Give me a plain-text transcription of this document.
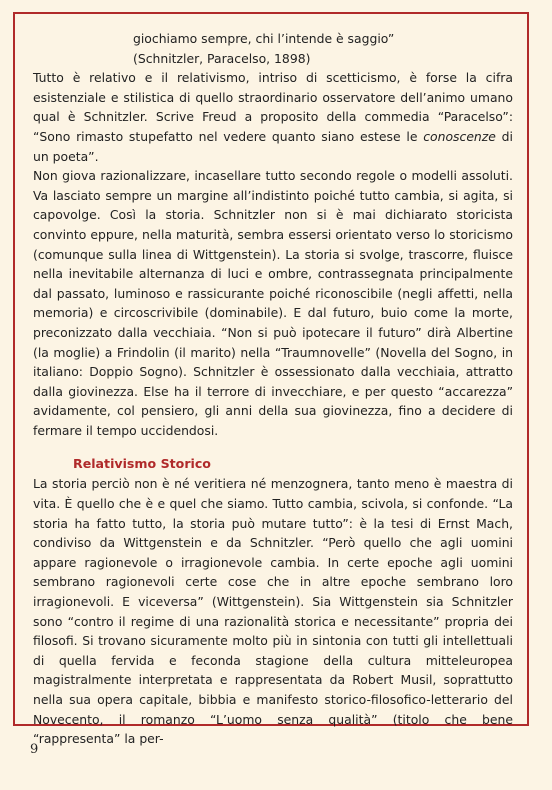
giochiamo sempre, chi l’intende è saggio”
(Schnitzler, Paracelso, 1898)

Tutto è relativo e il relativismo, intriso di scetticismo, è forse la cifra esistenziale e stilistica di quello straordinario osservatore dell’animo umano qual è Schnitzler. Scrive Freud a proposito della commedia “Paracelso”: “Sono rimasto stupefatto nel vedere quanto siano estese le conoscenze di un poeta”.

Non giova razionalizzare, incasellare tutto secondo regole o modelli assoluti. Va lasciato sempre un margine all’indistinto poiché tutto cambia, si agita, si capovolge. Così la storia. Schnitzler non si è mai dichiarato storicista convinto eppure, nella maturità, sembra essersi orientato verso lo storicismo (comunque sulla linea di Wittgenstein). La storia si svolge, trascorre, fluisce nella inevitabile alternanza di luci e ombre, contrassegnata principalmente dal passato, luminoso e rassicurante poiché riconoscibile (negli affetti, nella memoria) e circoscrivibile (dominabile). E dal futuro, buio come la morte, preconizzato dalla vecchiaia. “Non si può ipotecare il futuro” dirà Albertine (la moglie) a Frindolin (il marito) nella “Traumnovelle” (Novella del Sogno, in italiano: Doppio Sogno). Schnitzler è ossessionato dalla vecchiaia, attratto dalla giovinezza. Else ha il terrore di invecchiare, e per questo “accarezza” avidamente, col pensiero, gli anni della sua giovinezza, fino a decidere di fermare il tempo uccidendosi.

Relativismo Storico

La storia perciò non è né veritiera né menzognera, tanto meno è maestra di vita. È quello che è e quel che siamo. Tutto cambia, scivola, si confonde. “La storia ha fatto tutto, la storia può mutare tutto”: è la tesi di Ernst Mach, condiviso da Wittgenstein e da Schnitzler. “Però quello che agli uomini appare ragionevole o irragionevole cambia. In certe epoche agli uomini sembrano ragionevoli certe cose che in altre epoche sembrano loro irragionevoli. E viceversa” (Wittgenstein). Sia Wittgenstein sia Schnitzler sono “contro il regime di una razionalità storica e necessitante” propria dei filosofi. Si trovano sicuramente molto più in sintonia con tutti gli intellettuali di quella fervida e feconda stagione della cultura mitteleuropea magistralmente interpretata e rappresentata da Robert Musil, soprattutto nella sua opera capitale, bibbia e manifesto storico-filosofico-letterario del Novecento, il romanzo “L’uomo senza qualità” (titolo che bene “rappresenta” la per-

9
